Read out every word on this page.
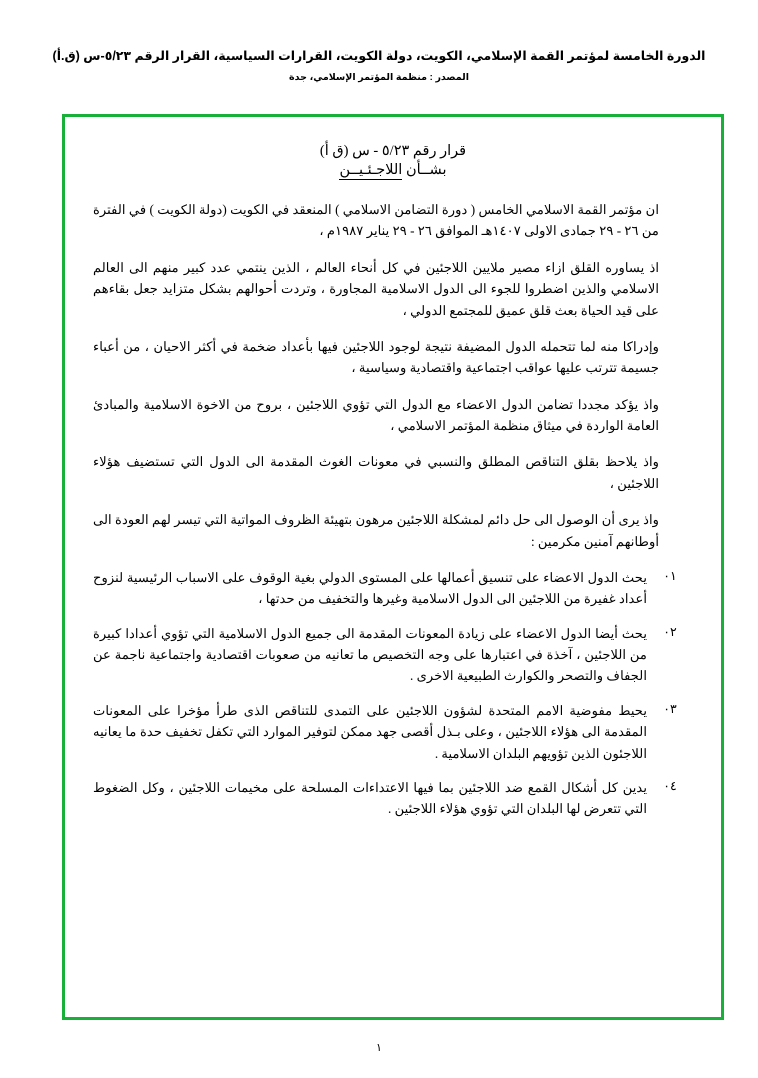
الدورة الخامسة لمؤتمر القمة الإسلامي، الكويت، دولة الكويت، القرارات السياسية، القرار الرقم ٥/٢٣-س (ق.أ)
المصدر : منظمة المؤتمر الإسلامي، جدة
قرار رقم ٥/٢٣ - س (ق أ)
بشــأن اللاجـئـيــن

ان مؤتمر القمة الاسلامي الخامس ( دورة التضامن الاسلامي ) المنعقد في الكويت (دولة الكويت ) في الفترة من ٢٦ - ٢٩ جمادى الاولى ١٤٠٧هـ الموافق ٢٦ - ٢٩ يناير ١٩٨٧م ،

اذ يساوره القلق ازاء مصير ملايين اللاجئين في كل أنحاء العالم ، الذين ينتمي عدد كبير منهم الى العالم الاسلامي والذين اضطروا للجوء الى الدول الاسلامية المجاورة ، وتردت أحوالهم بشكل متزايد جعل بقاءهم على قيد الحياة بعث قلق عميق للمجتمع الدولي ،

وإدراكا منه لما تتحمله الدول المضيفة نتيجة لوجود اللاجئين فيها بأعداد ضخمة في أكثر الاحيان ، من أعباء جسيمة تترتب عليها عواقب اجتماعية واقتصادية وسياسية ،

واذ يؤكد مجددا تضامن الدول الاعضاء مع الدول التي تؤوي اللاجئين ، بروح من الاخوة الاسلامية والمبادئ العامة الواردة في ميثاق منظمة المؤتمر الاسلامي ،

واذ يلاحظ بقلق التناقص المطلق والنسبي في معونات الغوث المقدمة الى الدول التي تستضيف هؤلاء اللاجئين ،

واذ يرى أن الوصول الى حل دائم لمشكلة اللاجئين مرهون بتهيئة الظروف المواتية التي تيسر لهم العودة الى أوطانهم آمنين مكرمين :

٠١
يحث الدول الاعضاء على تنسيق أعمالها على المستوى الدولي بغية الوقوف على الاسباب الرئيسية لنزوح أعداد غفيرة من اللاجئين الى الدول الاسلامية وغيرها والتخفيف من حدتها ،
٠٢
يحث أيضا الدول الاعضاء على زيادة المعونات المقدمة الى جميع الدول الاسلامية التي تؤوي أعدادا كبيرة من اللاجئين ، آخذة في اعتبارها على وجه التخصيص ما تعانيه من صعوبات اقتصادية واجتماعية ناجمة عن الجفاف والتصحر والكوارث الطبيعية الاخرى .
٠٣
يحيط مفوضية الامم المتحدة لشؤون اللاجئين على التمدى للتناقص الذى طرأ مؤخرا على المعونات المقدمة الى هؤلاء اللاجئين ، وعلى بـذل أقصى جهد ممكن لتوفير الموارد التي تكفل تخفيف حدة ما يعانيه اللاجئون الذين تؤويهم البلدان الاسلامية .
٠٤
يدين كل أشكال القمع ضد اللاجئين بما فيها الاعتداءات المسلحة على مخيمات اللاجئين ، وكل الضغوط التي تتعرض لها البلدان التي تؤوي هؤلاء اللاجئين .
١
